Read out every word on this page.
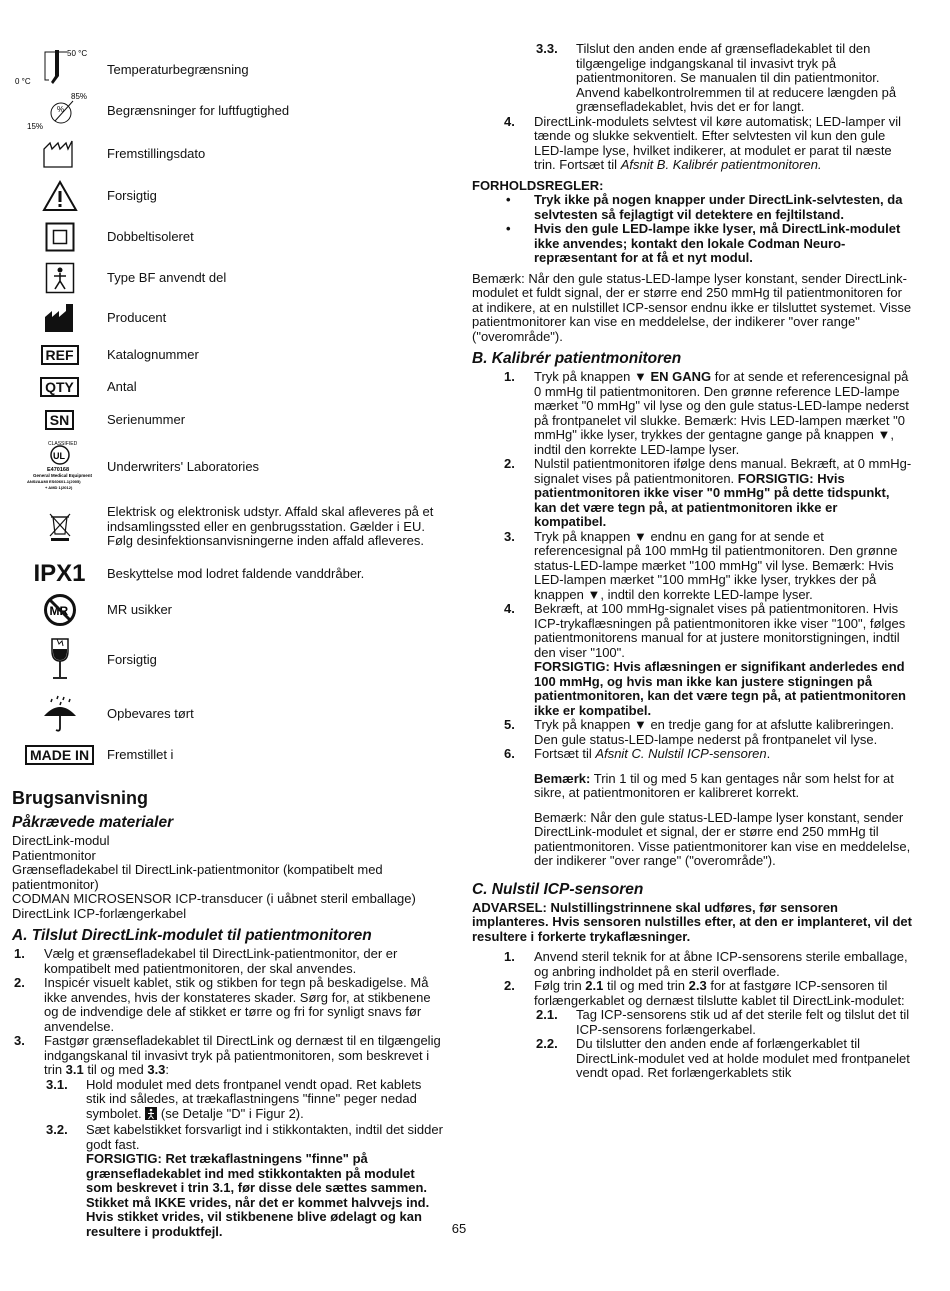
50 °C
0 °C
Temperaturbegrænsning
85%
15%
%	Begrænsninger for luftfugtighed
Fremstillingsdato
Forsigtig
Dobbeltisoleret
Type BF anvendt del
Producent
REF	Katalognummer
QTY	Antal
SN	Serienummer
UL
CLASSIFIED
E470168
General Medical Equipment
ANSI/AAMI ES60601-1(2005)
+ AMD 1(2012)
Underwriters' Laboratories
Elektrisk og elektronisk udstyr. Affald skal afleveres på et indsamlingssted eller en genbrugsstation. Gælder i EU. Følg desinfektionsanvisningerne inden affald afleveres.
IPX1 Beskyttelse mod lodret faldende vanddråber.
MR	MR usikker
Forsigtig
Opbevares tørt
MADE IN	Fremstillet i
Brugsanvisning
Påkrævede materialer

DirectLink-modul

Patientmonitor

Grænsefladekabel til DirectLink-patientmonitor (kompatibelt med patientmonitor)

CODMAN MICROSENSOR ICP-transducer (i uåbnet steril emballage)

DirectLink ICP-forlængerkabel

A. Tilslut DirectLink-modulet til patientmonitoren
1. Vælg et grænsefladekabel til DirectLink-patientmonitor, der er kompatibelt med patientmonitoren, der skal anvendes.
2. Inspicér visuelt kablet, stik og stikben for tegn på beskadigelse. Må ikke anvendes, hvis der konstateres skader. Sørg for, at stikbenene og de indvendige dele af stikket er tørre og fri for synligt snavs før anvendelse.
3. Fastgør grænsefladekablet til DirectLink og dernæst til en tilgængelig indgangskanal til invasivt tryk på patientmonitoren, som beskrevet i trin 3.1 til og med 3.3:
3.1. Hold modulet med dets frontpanel vendt opad. Ret kablets stik ind således, at trækaflastningens "finne" peger nedad symbolet.  (se Detalje "D" i Figur 2).
3.2. Sæt kabelstikket forsvarligt ind i stikkontakten, indtil det sidder godt fast.
FORSIGTIG: Ret trækaflastningens "finne" på grænsefladekablet ind med stikkontakten på modulet som beskrevet i trin 3.1, før disse dele sættes sammen. Stikket må IKKE vrides, når det er kommet halvvejs ind. Hvis stikket vrides, vil stikbenene blive ødelagt og kan resultere i produktfejl.
3.3. Tilslut den anden ende af grænsefladekablet til den tilgængelige indgangskanal til invasivt tryk på patientmonitoren. Se manualen til din patientmonitor. Anvend kabelkontrolremmen til at reducere længden på grænsefladekablet, hvis det er for langt.
4. DirectLink-modulets selvtest vil køre automatisk; LED-lamper vil tænde og slukke sekventielt. Efter selvtesten vil kun den gule LED-lampe lyse, hvilket indikerer, at modulet er parat til næste trin. Fortsæt til Afsnit B. Kalibrér patientmonitoren.
FORHOLDSREGLER:
• Tryk ikke på nogen knapper under DirectLink-selvtesten, da selvtesten så fejlagtigt vil detektere en fejltilstand.
• Hvis den gule LED-lampe ikke lyser, må DirectLink-modulet ikke anvendes; kontakt den lokale Codman Neuro-repræsentant for at få et nyt modul.

Bemærk: Når den gule status-LED-lampe lyser konstant, sender DirectLink-modulet et fuldt signal, der er større end 250 mmHg til patientmonitoren for at indikere, at en nulstillet ICP-sensor endnu ikke er tilsluttet systemet. Visse patientmonitorer kan vise en meddelelse, der indikerer "over range" ("overområde").

B. Kalibrér patientmonitoren
1. Tryk på knappen ▼ EN GANG for at sende et referencesignal på 0 mmHg til patientmonitoren. Den grønne reference LED-lampe mærket "0 mmHg" vil lyse og den gule status-LED-lampe nederst på frontpanelet vil slukke. Bemærk: Hvis LED-lampen mærket "0 mmHg" ikke lyser, trykkes der gentagne gange på knappen ▼, indtil den korrekte LED-lampe lyser.
2. Nulstil patientmonitoren ifølge dens manual. Bekræft, at 0 mmHg-signalet vises på patientmonitoren. FORSIGTIG: Hvis patientmonitoren ikke viser "0 mmHg" på dette tidspunkt, kan det være tegn på, at patientmonitoren ikke er kompatibel.
3. Tryk på knappen ▼ endnu en gang for at sende et referencesignal på 100 mmHg til patientmonitoren. Den grønne status-LED-lampe mærket "100 mmHg" vil lyse. Bemærk: Hvis LED-lampen mærket "100 mmHg" ikke lyser, trykkes der på knappen ▼, indtil den korrekte LED-lampe lyser.
4. Bekræft, at 100 mmHg-signalet vises på patientmonitoren. Hvis ICP-trykaflæsningen på patientmonitoren ikke viser "100", følges patientmonitorens manual for at justere monitorstigningen, indtil den viser "100".
FORSIGTIG: Hvis aflæsningen er signifikant anderledes end 100 mmHg, og hvis man ikke kan justere stigningen på patientmonitoren, kan det være tegn på, at patientmonitoren ikke er kompatibel.
5. Tryk på knappen ▼ en tredje gang for at afslutte kalibreringen. Den gule status-LED-lampe nederst på frontpanelet vil lyse.
6. Fortsæt til Afsnit C. Nulstil ICP-sensoren.

Bemærk: Trin 1 til og med 5 kan gentages når som helst for at sikre, at patientmonitoren er kalibreret korrekt.

Bemærk: Når den gule status-LED-lampe lyser konstant, sender DirectLink-modulet et signal, der er større end 250 mmHg til patientmonitoren. Visse patientmonitorer kan vise en meddelelse, der indikerer "over range" ("overområde").

C. Nulstil ICP-sensoren

ADVARSEL: Nulstillingstrinnene skal udføres, før sensoren implanteres. Hvis sensoren nulstilles efter, at den er implanteret, vil det resultere i forkerte trykaflæsninger.

1. Anvend steril teknik for at åbne ICP-sensorens sterile emballage, og anbring indholdet på en steril overflade.
2. Følg trin 2.1 til og med trin 2.3 for at fastgøre ICP-sensoren til forlængerkablet og dernæst tilslutte kablet til DirectLink-modulet:
2.1. Tag ICP-sensorens stik ud af det sterile felt og tilslut det til ICP-sensorens forlængerkabel.
2.2. Du tilslutter den anden ende af forlængerkablet til DirectLink-modulet ved at holde modulet med frontpanelet vendt opad. Ret forlængerkablets stik
65
